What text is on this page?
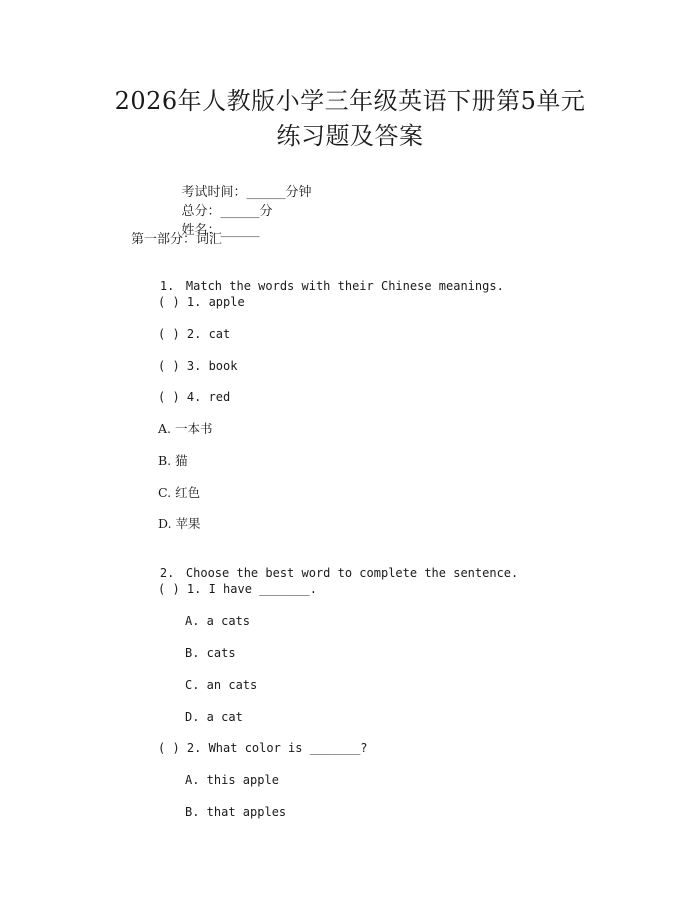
2026年人教版小学三年级英语下册第5单元
练习题及答案

考试时间：______分钟
总分：______分
姓名：______

第一部分：词汇

1. Match the words with their Chinese meanings.

( ) 1. apple
( ) 2. cat
( ) 3. book
( ) 4. red
A. 一本书
B. 猫
C. 红色
D. 苹果

2. Choose the best word to complete the sentence.

( ) 1. I have _______.
A. a cats
B. cats
C. an cats
D. a cat
( ) 2. What color is _______?
A. this apple
B. that apples
